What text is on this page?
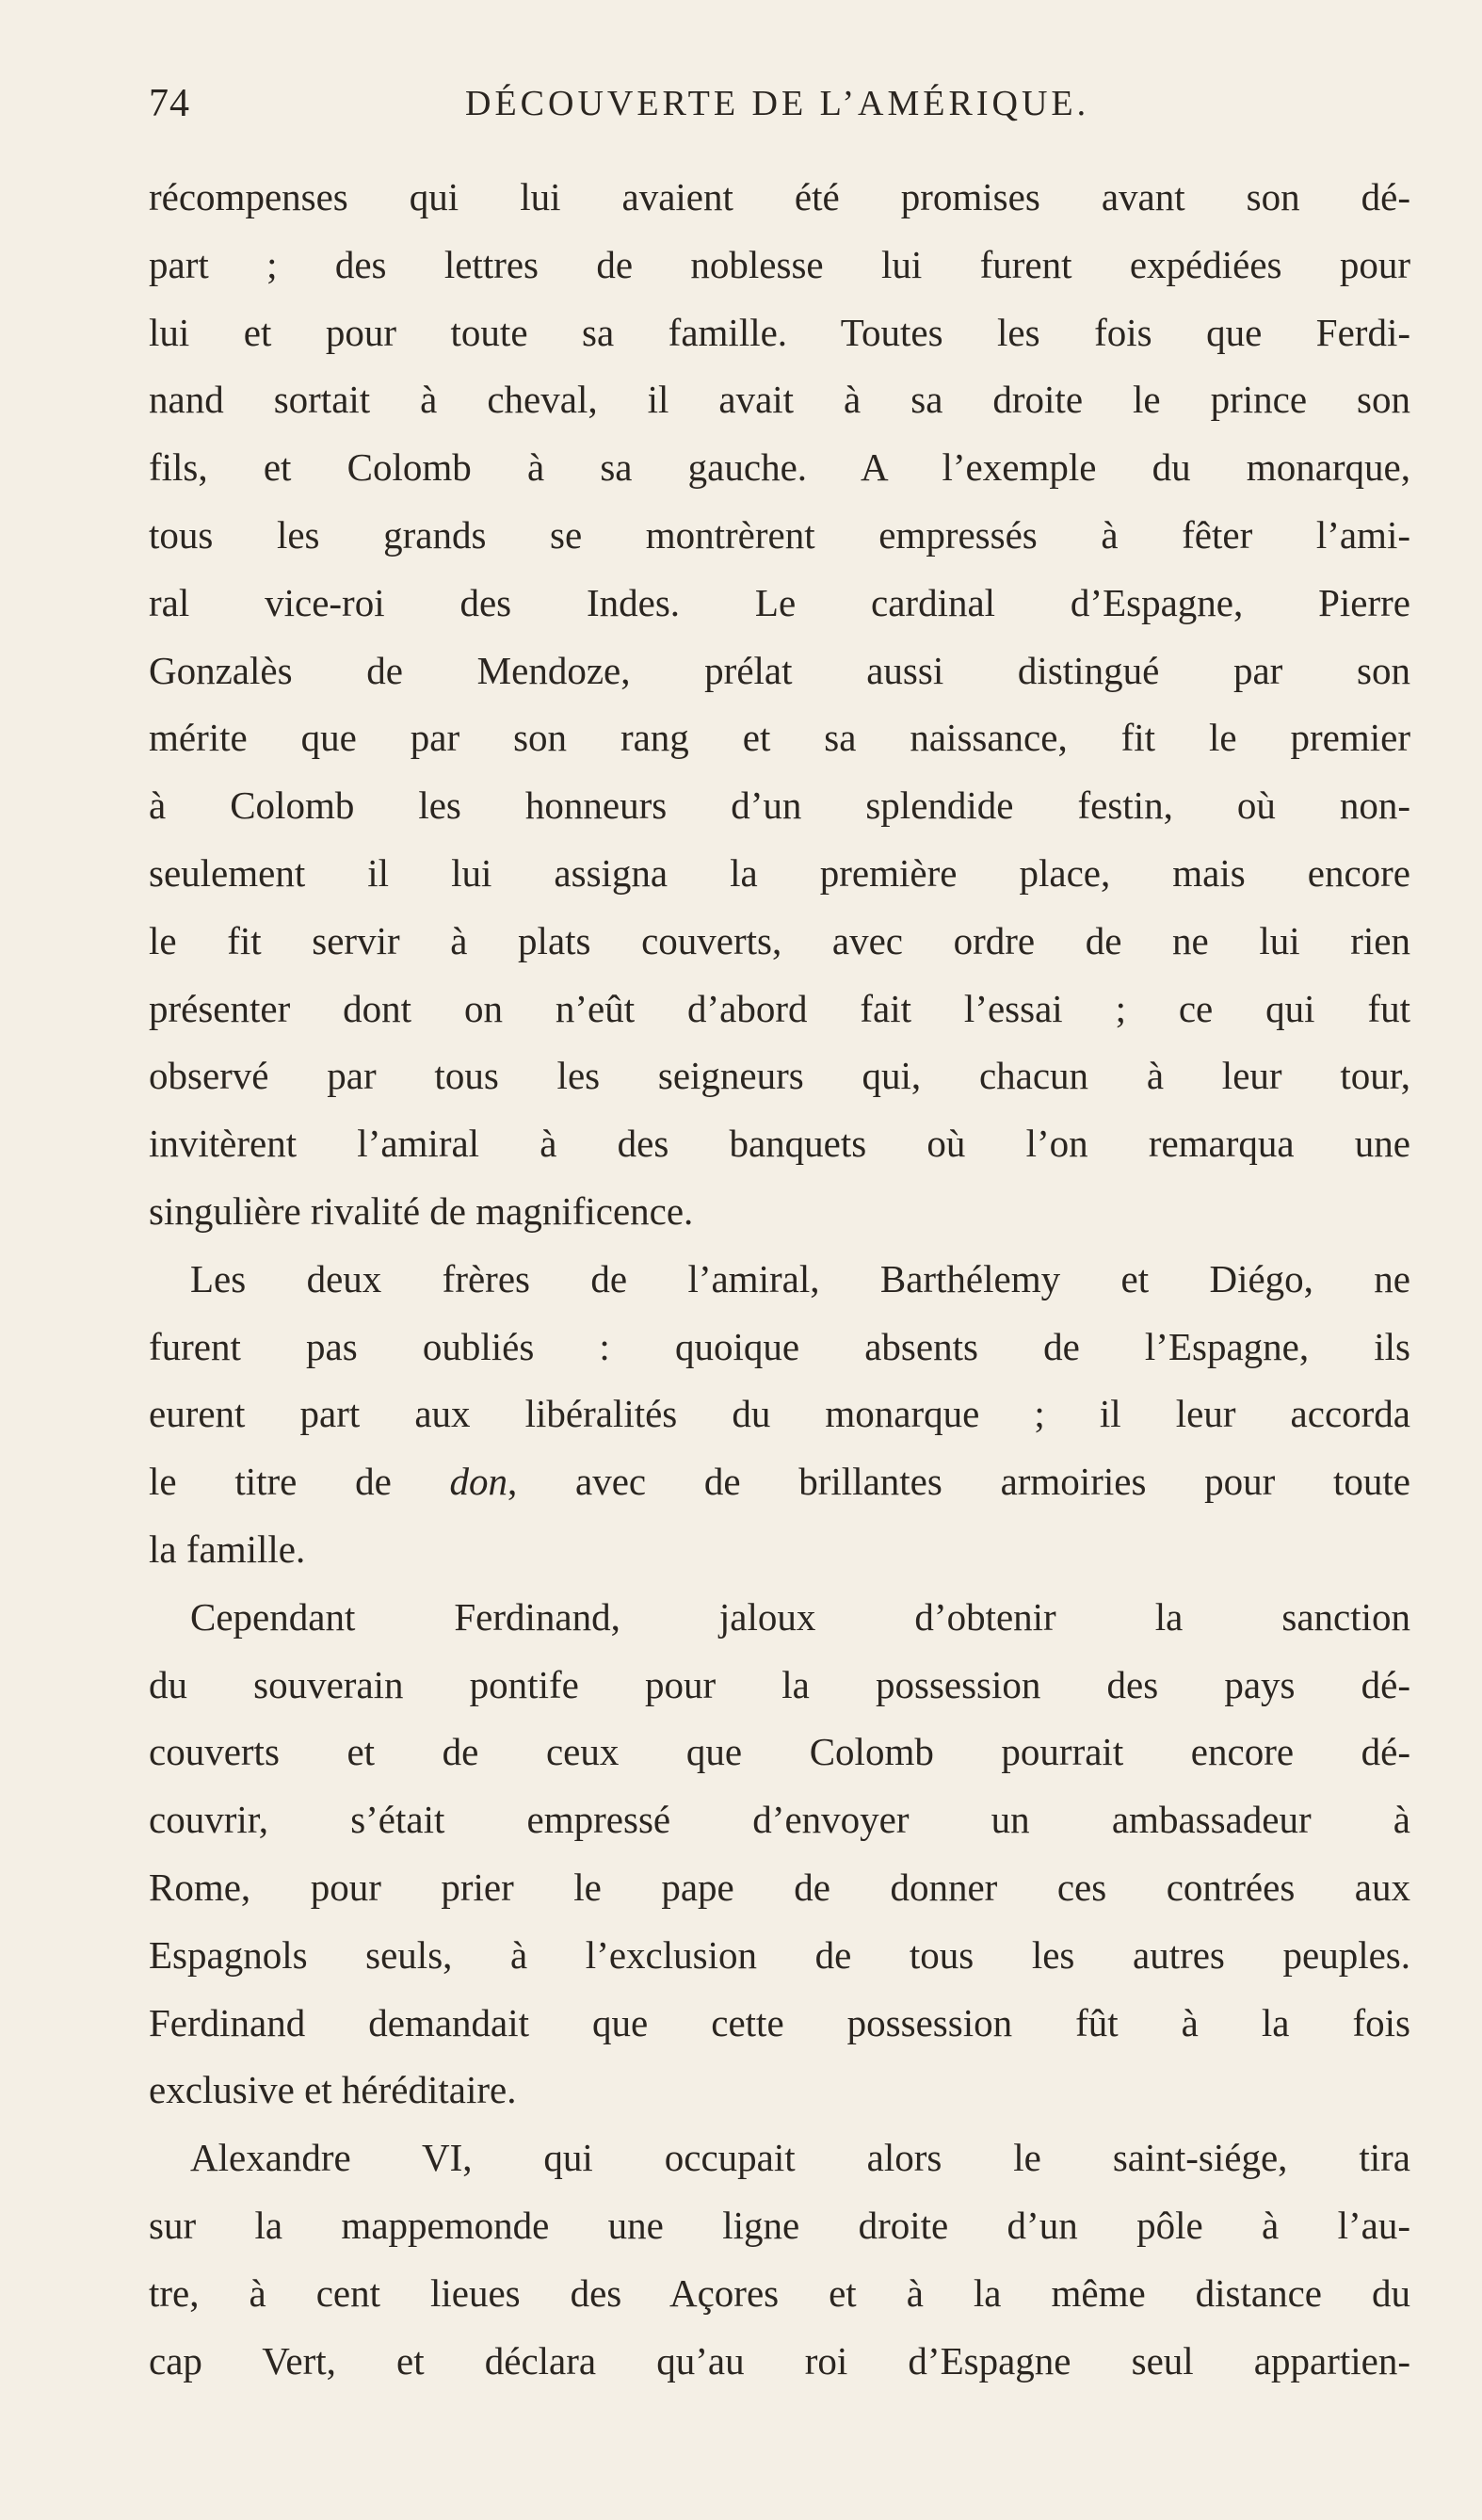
74	DÉCOUVERTE DE L’AMÉRIQUE.
récompenses qui lui avaient été promises avant son dé-
part ; des lettres de noblesse lui furent expédiées pour
lui et pour toute sa famille. Toutes les fois que Ferdi-
nand sortait à cheval, il avait à sa droite le prince son
fils, et Colomb à sa gauche. A l’exemple du monarque,
tous les grands se montrèrent empressés à fêter l’ami-
ral vice-roi des Indes. Le cardinal d’Espagne, Pierre
Gonzalès de Mendoze, prélat aussi distingué par son
mérite que par son rang et sa naissance, fit le premier
à Colomb les honneurs d’un splendide festin, où non-
seulement il lui assigna la première place, mais encore
le fit servir à plats couverts, avec ordre de ne lui rien
présenter dont on n’eût d’abord fait l’essai ; ce qui fut
observé par tous les seigneurs qui, chacun à leur tour,
invitèrent l’amiral à des banquets où l’on remarqua une
singulière rivalité de magnificence.
Les deux frères de l’amiral, Barthélemy et Diégo, ne
furent pas oubliés : quoique absents de l’Espagne, ils
eurent part aux libéralités du monarque ; il leur accorda
le titre de don, avec de brillantes armoiries pour toute
la famille.
Cependant Ferdinand, jaloux d’obtenir la sanction
du souverain pontife pour la possession des pays dé-
couverts et de ceux que Colomb pourrait encore dé-
couvrir, s’était empressé d’envoyer un ambassadeur à
Rome, pour prier le pape de donner ces contrées aux
Espagnols seuls, à l’exclusion de tous les autres peuples.
Ferdinand demandait que cette possession fût à la fois
exclusive et héréditaire.
Alexandre VI, qui occupait alors le saint-siége, tira
sur la mappemonde une ligne droite d’un pôle à l’au-
tre, à cent lieues des Açores et à la même distance du
cap Vert, et déclara qu’au roi d’Espagne seul appartien-
